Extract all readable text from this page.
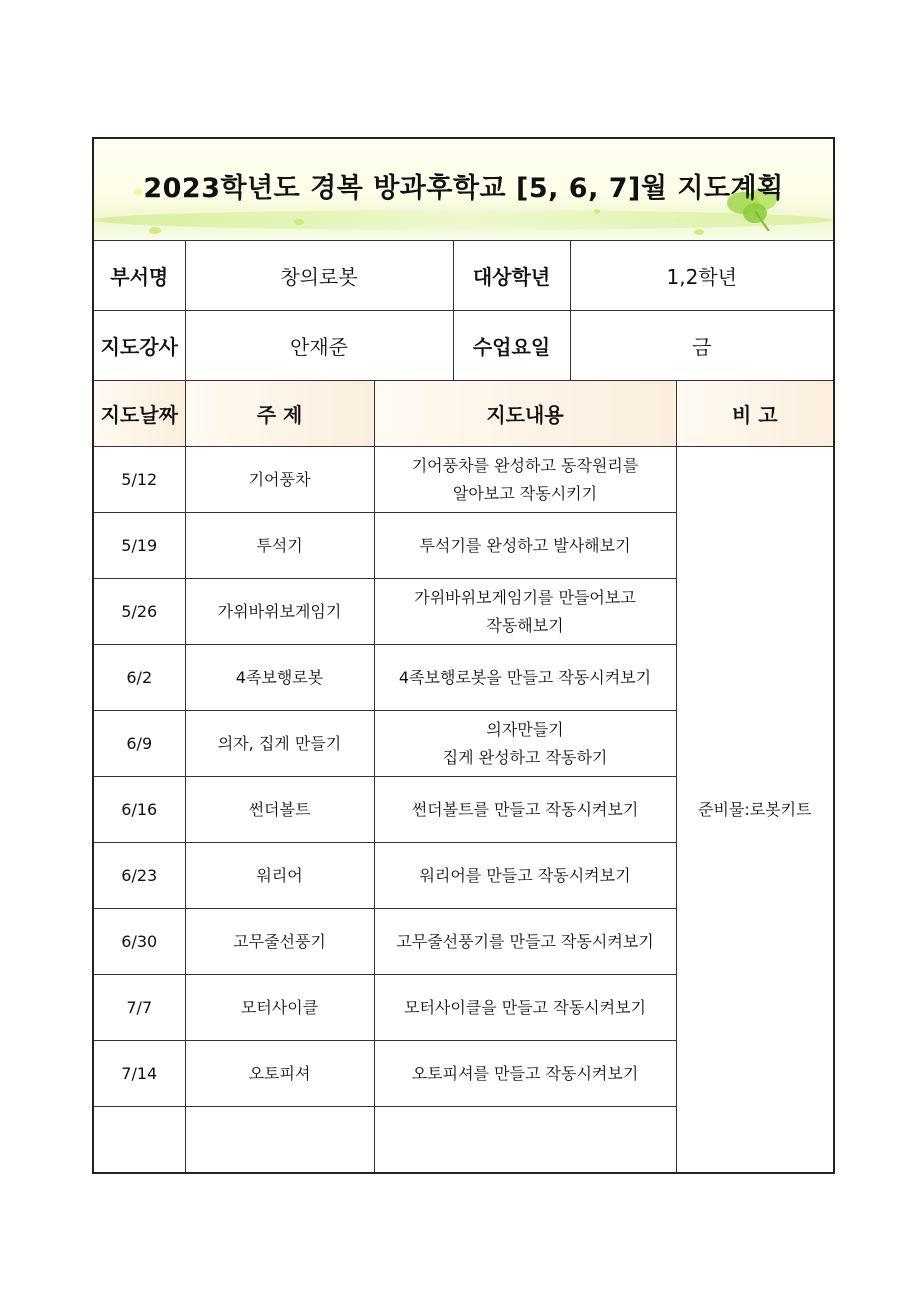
2023학년도 경복 방과후학교 [5, 6, 7]월 지도계획					

부서명	창의로봇		대상학년	1,2학년	
지도강사	안재준		수업요일	금	
지도날짜	주 제	지도내용			비 고
5/12	기어풍차	기어풍차를 완성하고 동작원리를
알아보고 작동시키기			준비물:로봇키트
5/19	투석기	투석기를 완성하고 발사해보기			

5/26	가위바위보게임기	가위바위보게임기를 만들어보고
작동해보기			

6/2	4족보행로봇	4족보행로봇을 만들고 작동시켜보기			

6/9	의자, 집게 만들기	의자만들기
집게 완성하고 작동하기			

6/16	썬더볼트	썬더볼트를 만들고 작동시켜보기			

6/23	워리어	워리어를 만들고 작동시켜보기			

6/30	고무줄선풍기	고무줄선풍기를 만들고 작동시켜보기			

7/7	모터사이클	모터사이클을 만들고 작동시켜보기			

7/14	오토피셔	오토피셔를 만들고 작동시켜보기			
